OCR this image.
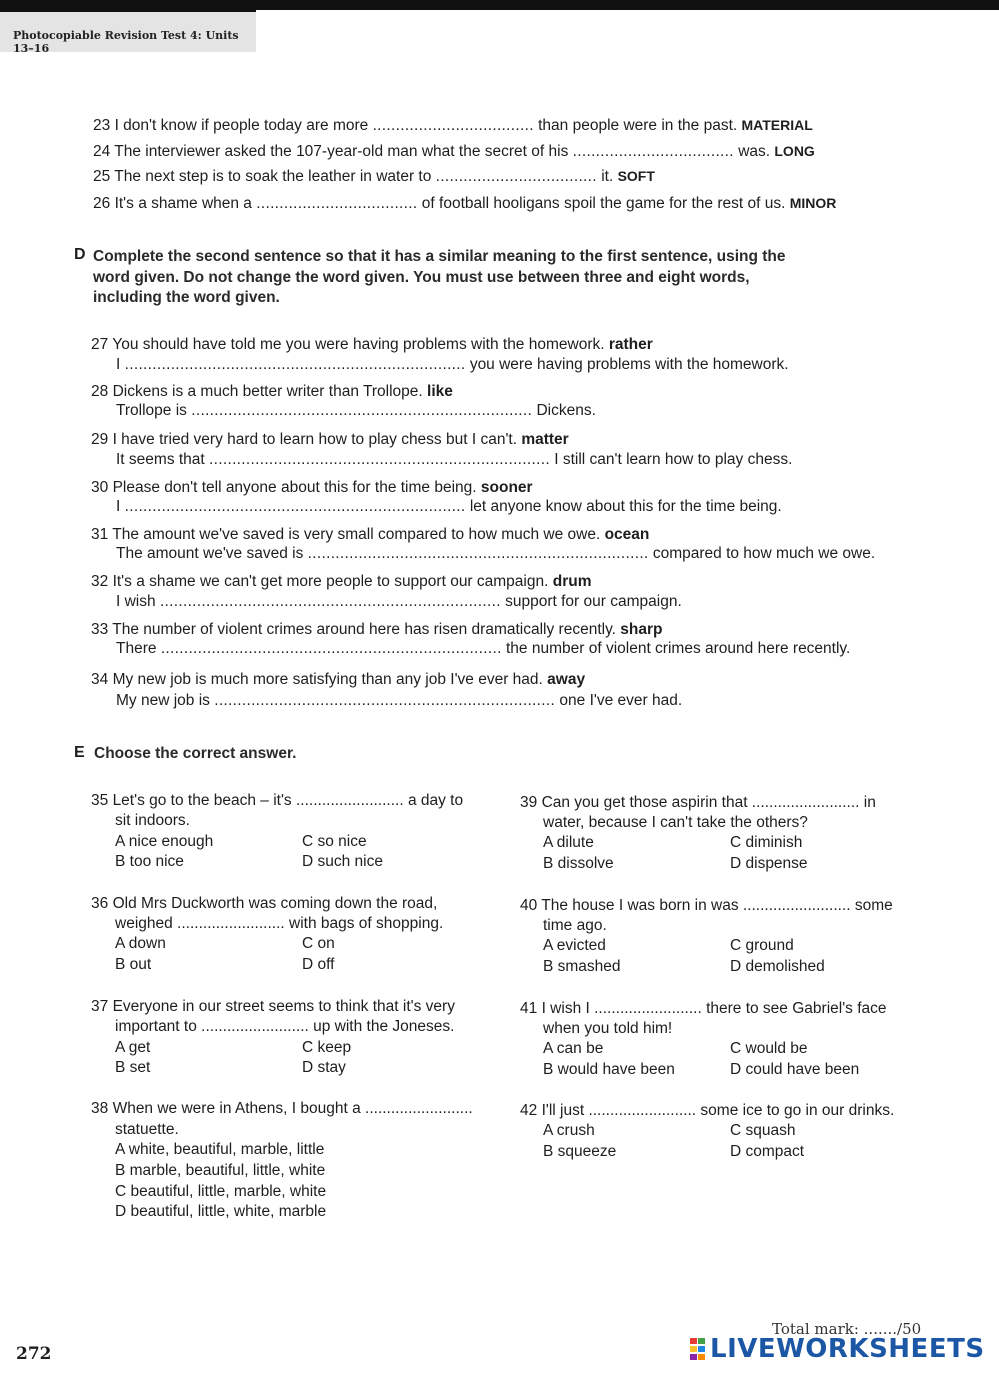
Photocopiable Revision Test 4: Units 13–16
23 I don't know if people today are more ................................... than people were in the past. MATERIAL
24 The interviewer asked the 107-year-old man what the secret of his ................................... was. LONG
25 The next step is to soak the leather in water to ................................... it. SOFT
26 It's a shame when a ................................... of football hooligans spoil the game for the rest of us. MINOR
D Complete the second sentence so that it has a similar meaning to the first sentence, using the
word given. Do not change the word given. You must use between three and eight words,
including the word given.
27 You should have told me you were having problems with the homework. rather
I .......................................................................... you were having problems with the homework.
28 Dickens is a much better writer than Trollope. like
Trollope is .......................................................................... Dickens.
29 I have tried very hard to learn how to play chess but I can't. matter
It seems that .......................................................................... I still can't learn how to play chess.
30 Please don't tell anyone about this for the time being. sooner
I .......................................................................... let anyone know about this for the time being.
31 The amount we've saved is very small compared to how much we owe. ocean
The amount we've saved is .......................................................................... compared to how much we owe.
32 It's a shame we can't get more people to support our campaign. drum
I wish .......................................................................... support for our campaign.
33 The number of violent crimes around here has risen dramatically recently. sharp
There .......................................................................... the number of violent crimes around here recently.
34 My new job is much more satisfying than any job I've ever had. away
My new job is .......................................................................... one I've ever had.
E Choose the correct answer.
35 Let's go to the beach – it's ......................... a day to
sit indoors.
A nice enough	C so nice
B too nice	D such nice
36 Old Mrs Duckworth was coming down the road,
weighed ......................... with bags of shopping.
A down	C on
B out	D off
37 Everyone in our street seems to think that it's very
important to ......................... up with the Joneses.
A get	C keep
B set	D stay
38 When we were in Athens, I bought a .........................
statuette.
A white, beautiful, marble, little
B marble, beautiful, little, white
C beautiful, little, marble, white
D beautiful, little, white, marble
39 Can you get those aspirin that ......................... in
water, because I can't take the others?
A dilute	C diminish
B dissolve	D dispense
40 The house I was born in was ......................... some
time ago.
A evicted	C ground
B smashed	D demolished
41 I wish I ......................... there to see Gabriel's face
when you told him!
A can be	C would be
B would have been	D could have been
42 I'll just ......................... some ice to go in our drinks.
A crush	C squash
B squeeze	D compact
272
Total mark: ......./50
LIVEWORKSHEETS
